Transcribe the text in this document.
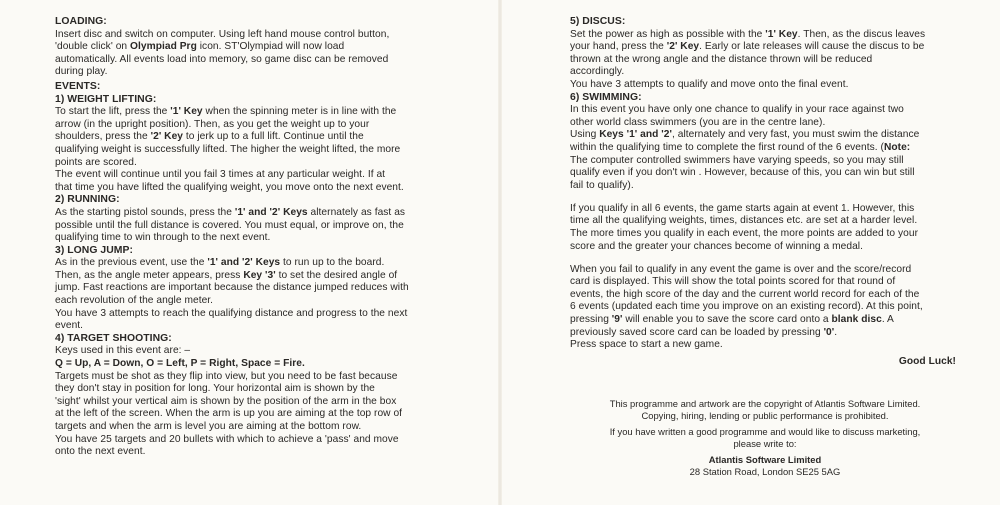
LOADING:

Insert disc and switch on computer. Using left hand mouse control button,

'double click' on Olympiad Prg icon. ST'Olympiad will now load

automatically. All events load into memory, so game disc can be removed

during play.

EVENTS:
1) WEIGHT LIFTING:

To start the lift, press the '1' Key when the spinning meter is in line with the

arrow (in the upright position). Then, as you get the weight up to your

shoulders, press the '2' Key to jerk up to a full lift. Continue until the

qualifying weight is successfully lifted. The higher the weight lifted, the more

points are scored.

The event will continue until you fail 3 times at any particular weight. If at

that time you have lifted the qualifying weight, you move onto the next event.

2) RUNNING:

As the starting pistol sounds, press the '1' and '2' Keys alternately as fast as

possible until the full distance is covered. You must equal, or improve on, the

qualifying time to win through to the next event.

3) LONG JUMP:

As in the previous event, use the '1' and '2' Keys to run up to the board.

Then, as the angle meter appears, press Key '3' to set the desired angle of

jump. Fast reactions are important because the distance jumped reduces with

each revolution of the angle meter.

You have 3 attempts to reach the qualifying distance and progress to the next

event.

4) TARGET SHOOTING:

Keys used in this event are: –

Q = Up, A = Down, O = Left, P = Right, Space = Fire.

Targets must be shot as they flip into view, but you need to be fast because

they don't stay in position for long. Your horizontal aim is shown by the

'sight' whilst your vertical aim is shown by the position of the arm in the box

at the left of the screen. When the arm is up you are aiming at the top row of

targets and when the arm is level you are aiming at the bottom row.

You have 25 targets and 20 bullets with which to achieve a 'pass' and move

onto the next event.

5) DISCUS:

Set the power as high as possible with the '1' Key. Then, as the discus leaves

your hand, press the '2' Key. Early or late releases will cause the discus to be

thrown at the wrong angle and the distance thrown will be reduced

accordingly.

You have 3 attempts to qualify and move onto the final event.

6) SWIMMING:

In this event you have only one chance to qualify in your race against two

other world class swimmers (you are in the centre lane).

Using Keys '1' and '2', alternately and very fast, you must swim the distance

within the qualifying time to complete the first round of the 6 events. (Note:

The computer controlled swimmers have varying speeds, so you may still

qualify even if you don't win . However, because of this, you can win but still

fail to qualify).

If you qualify in all 6 events, the game starts again at event 1. However, this

time all the qualifying weights, times, distances etc. are set at a harder level.

The more times you qualify in each event, the more points are added to your

score and the greater your chances become of winning a medal.

When you fail to qualify in any event the game is over and the score/record

card is displayed. This will show the total points scored for that round of

events, the high score of the day and the current world record for each of the

6 events (updated each time you improve on an existing record). At this point,

pressing '9' will enable you to save the score card onto a blank disc. A

previously saved score card can be loaded by pressing '0'.

Press space to start a new game.

Good Luck!

This programme and artwork are the copyright of Atlantis Software Limited.

Copying, hiring, lending or public performance is prohibited.

If you have written a good programme and would like to discuss marketing,

please write to:

Atlantis Software Limited

28 Station Road, London SE25 5AG
